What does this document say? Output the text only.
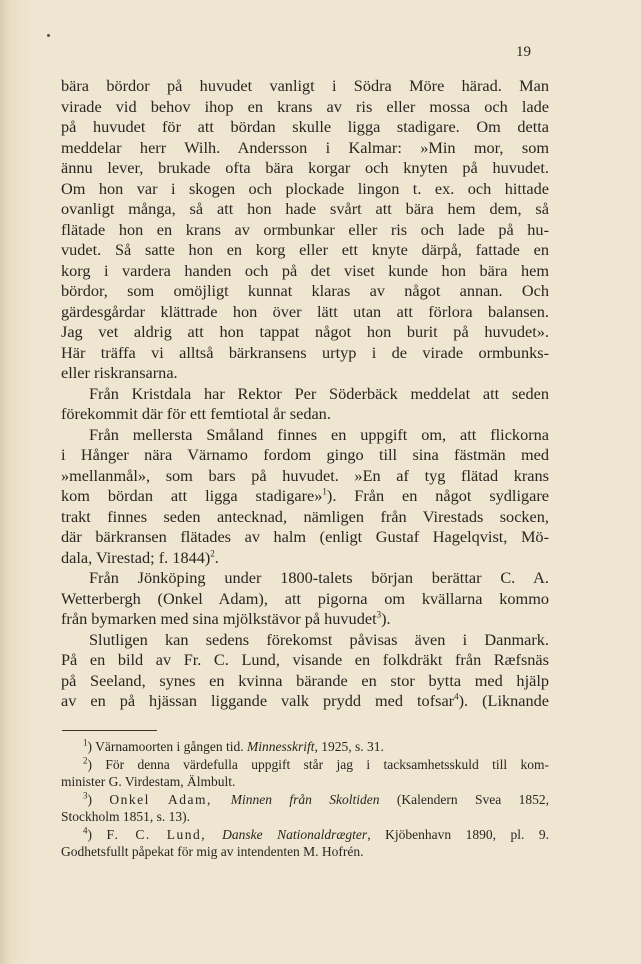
19
bära bördor på huvudet vanligt i Södra Möre härad. Man
virade vid behov ihop en krans av ris eller mossa och lade
på huvudet för att bördan skulle ligga stadigare. Om detta
meddelar herr Wilh. Andersson i Kalmar: »Min mor, som
ännu lever, brukade ofta bära korgar och knyten på huvudet.
Om hon var i skogen och plockade lingon t. ex. och hittade
ovanligt många, så att hon hade svårt att bära hem dem, så
flätade hon en krans av ormbunkar eller ris och lade på hu-
vudet. Så satte hon en korg eller ett knyte därpå, fattade en
korg i vardera handen och på det viset kunde hon bära hem
bördor, som omöjligt kunnat klaras av något annan. Och
gärdesgårdar klättrade hon över lätt utan att förlora balansen.
Jag vet aldrig att hon tappat något hon burit på huvudet».
Här träffa vi alltså bärkransens urtyp i de virade ormbunks-
eller riskransarna.
Från Kristdala har Rektor Per Söderbäck meddelat att seden
förekommit där för ett femtiotal år sedan.
Från mellersta Småland finnes en uppgift om, att flickorna
i Hånger nära Värnamo fordom gingo till sina fästmän med
»mellanmål», som bars på huvudet. »En af tyg flätad krans
kom bördan att ligga stadigare»$^1$). Från en något sydligare
trakt finnes seden antecknad, nämligen från Virestads socken,
där bärkransen flätades av halm (enligt Gustaf Hagelqvist, Mö-
dala, Virestad; f. 1844)$^2$.
Från Jönköping under 1800-talets början berättar C. A.
Wetterbergh (Onkel Adam), att pigorna om kvällarna kommo
från bymarken med sina mjölkstävor på huvudet$^3$).
Slutligen kan sedens förekomst påvisas även i Danmark.
På en bild av Fr. C. Lund, visande en folkdräkt från Ræfsnäs
på Seeland, synes en kvinna bärande en stor bytta med hjälp
av en på hjässan liggande valk prydd med tofsar$^4$). (Liknande
$^1$) Värnamoorten i gången tid. Minnesskrift, 1925, s. 31.
$^2$) För denna värdefulla uppgift står jag i tacksamhetsskuld till kom-
minister G. Virdestam, Älmbult.
$^3$) Onkel Adam, Minnen från Skoltiden (Kalendern Svea 1852,
Stockholm 1851, s. 13).
$^4$) F. C. Lund, Danske Nationaldrægter, Kjöbenhavn 1890, pl. 9.
Godhetsfullt påpekat för mig av intendenten M. Hofrén.
